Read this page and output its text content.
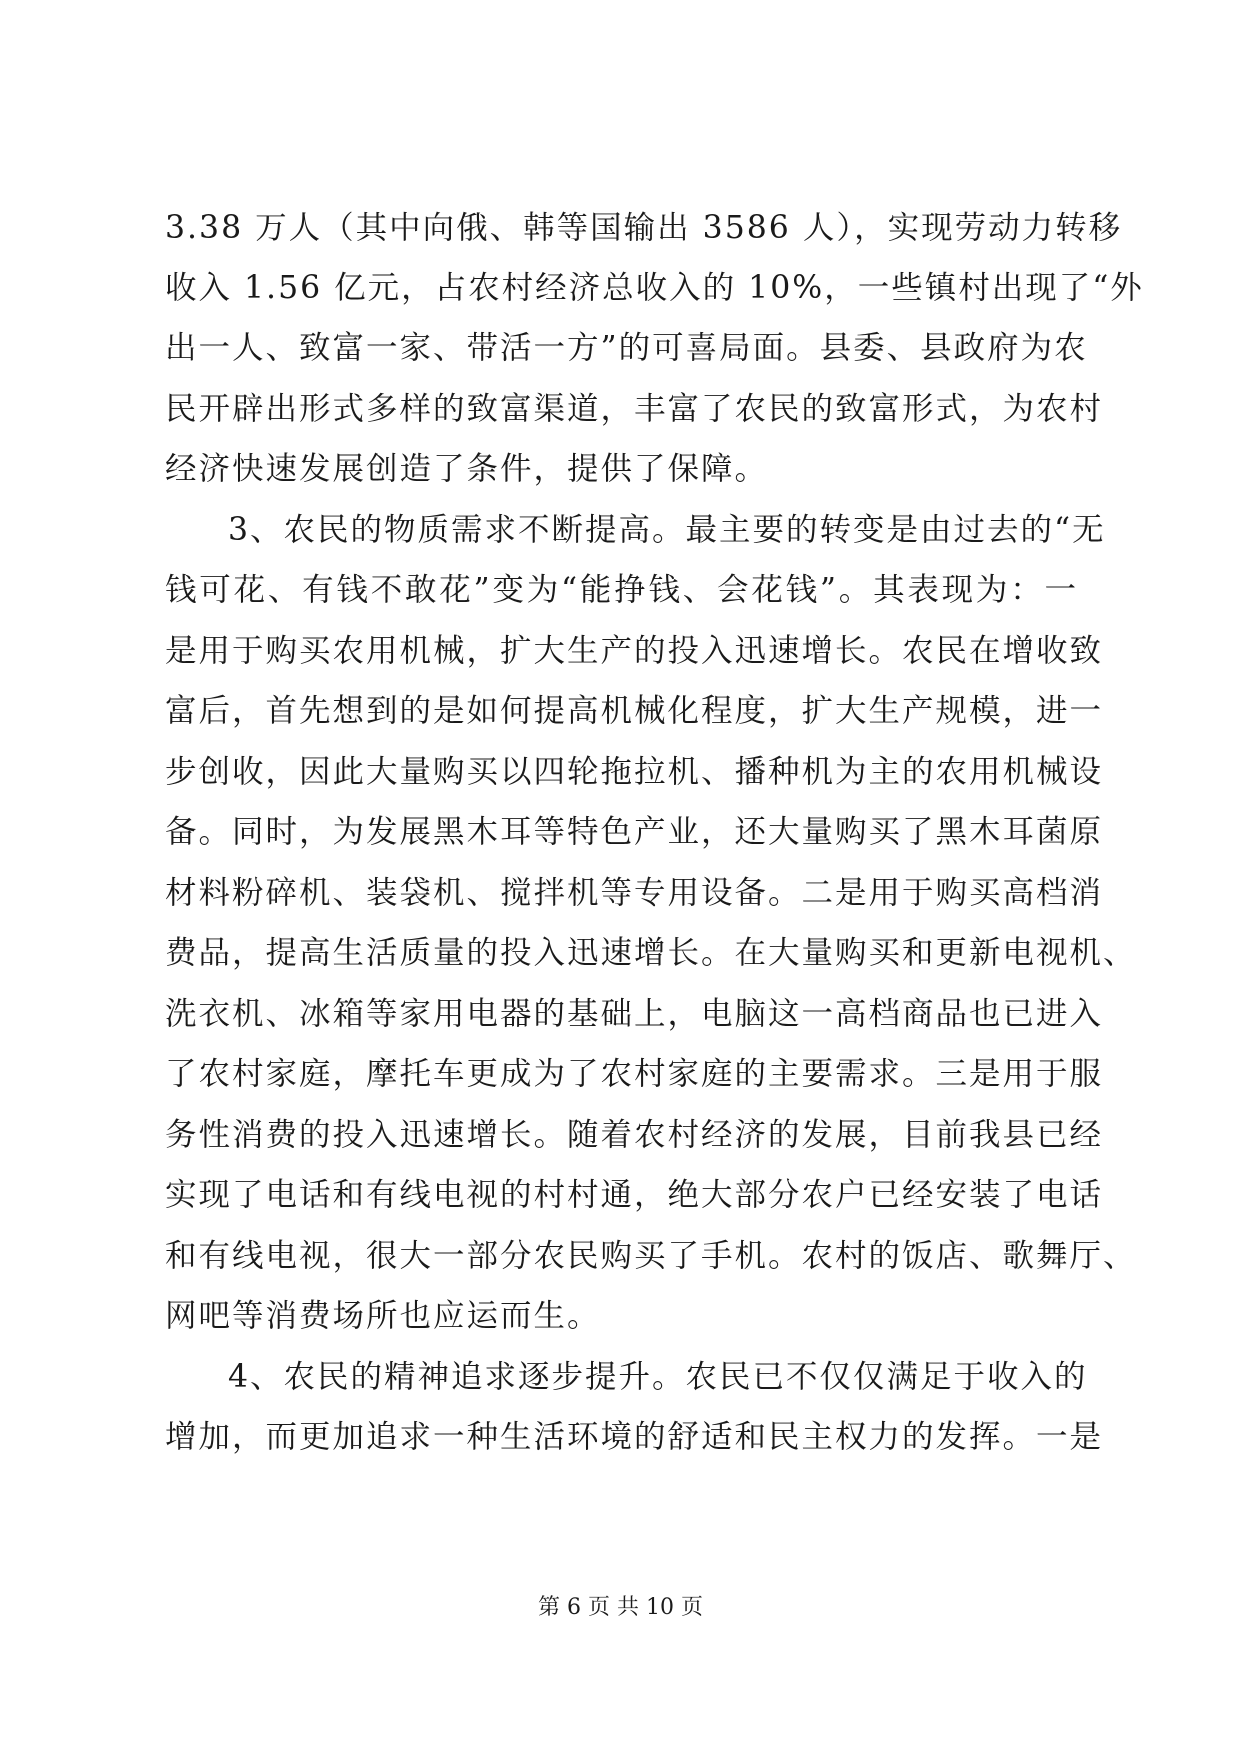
3.38 万人（其中向俄、韩等国输出 3586 人），实现劳动力转移
收入 1.56 亿元，占农村经济总收入的 10%，一些镇村出现了“外
出一人、致富一家、带活一方”的可喜局面。县委、县政府为农
民开辟出形式多样的致富渠道，丰富了农民的致富形式，为农村
经济快速发展创造了条件，提供了保障。
3、农民的物质需求不断提高。最主要的转变是由过去的“无
钱可花、有钱不敢花”变为“能挣钱、会花钱”。其表现为：一
是用于购买农用机械，扩大生产的投入迅速增长。农民在增收致
富后，首先想到的是如何提高机械化程度，扩大生产规模，进一
步创收，因此大量购买以四轮拖拉机、播种机为主的农用机械设
备。同时，为发展黑木耳等特色产业，还大量购买了黑木耳菌原
材料粉碎机、装袋机、搅拌机等专用设备。二是用于购买高档消
费品，提高生活质量的投入迅速增长。在大量购买和更新电视机、
洗衣机、冰箱等家用电器的基础上，电脑这一高档商品也已进入
了农村家庭，摩托车更成为了农村家庭的主要需求。三是用于服
务性消费的投入迅速增长。随着农村经济的发展，目前我县已经
实现了电话和有线电视的村村通，绝大部分农户已经安装了电话
和有线电视，很大一部分农民购买了手机。农村的饭店、歌舞厅、
网吧等消费场所也应运而生。
4、农民的精神追求逐步提升。农民已不仅仅满足于收入的
增加，而更加追求一种生活环境的舒适和民主权力的发挥。一是
第 6 页 共 10 页
